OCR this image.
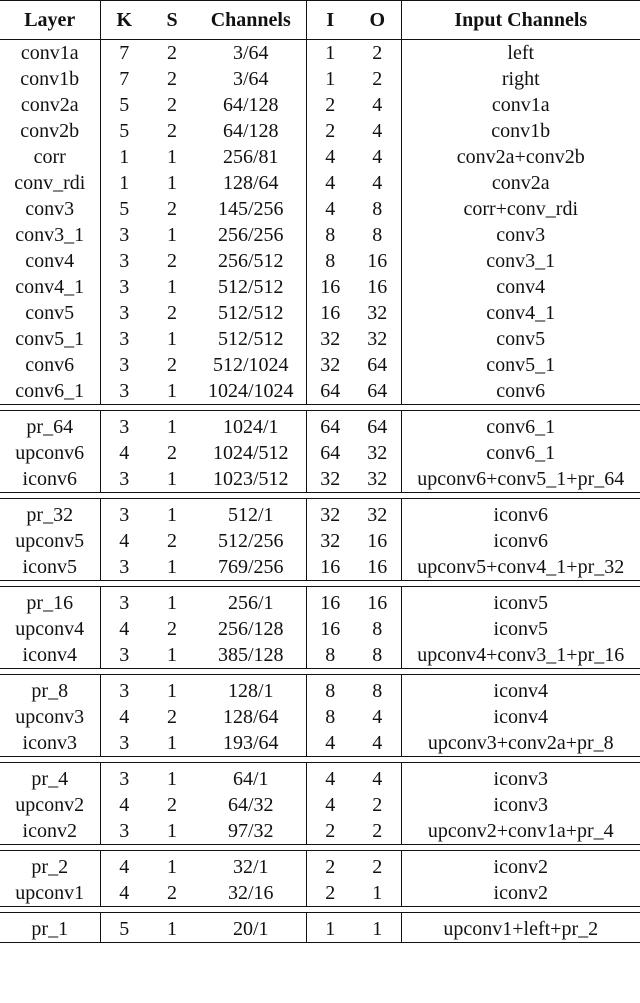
Layer	K	S	Channels	I	O	Input Channels
conv1a	7	2	3/64	1	2	left
conv1b	7	2	3/64	1	2	right
conv2a	5	2	64/128	2	4	conv1a
conv2b	5	2	64/128	2	4	conv1b
corr	1	1	256/81	4	4	conv2a+conv2b
conv_rdi	1	1	128/64	4	4	conv2a
conv3	5	2	145/256	4	8	corr+conv_rdi
conv3_1	3	1	256/256	8	8	conv3
conv4	3	2	256/512	8	16	conv3_1
conv4_1	3	1	512/512	16	16	conv4
conv5	3	2	512/512	16	32	conv4_1
conv5_1	3	1	512/512	32	32	conv5
conv6	3	2	512/1024	32	64	conv5_1
conv6_1	3	1	1024/1024	64	64	conv6

pr_64	3	1	1024/1	64	64	conv6_1
upconv6	4	2	1024/512	64	32	conv6_1
iconv6	3	1	1023/512	32	32	upconv6+conv5_1+pr_64

pr_32	3	1	512/1	32	32	iconv6
upconv5	4	2	512/256	32	16	iconv6
iconv5	3	1	769/256	16	16	upconv5+conv4_1+pr_32

pr_16	3	1	256/1	16	16	iconv5
upconv4	4	2	256/128	16	8	iconv5
iconv4	3	1	385/128	8	8	upconv4+conv3_1+pr_16

pr_8	3	1	128/1	8	8	iconv4
upconv3	4	2	128/64	8	4	iconv4
iconv3	3	1	193/64	4	4	upconv3+conv2a+pr_8

pr_4	3	1	64/1	4	4	iconv3
upconv2	4	2	64/32	4	2	iconv3
iconv2	3	1	97/32	2	2	upconv2+conv1a+pr_4

pr_2	4	1	32/1	2	2	iconv2
upconv1	4	2	32/16	2	1	iconv2

pr_1	5	1	20/1	1	1	upconv1+left+pr_2
